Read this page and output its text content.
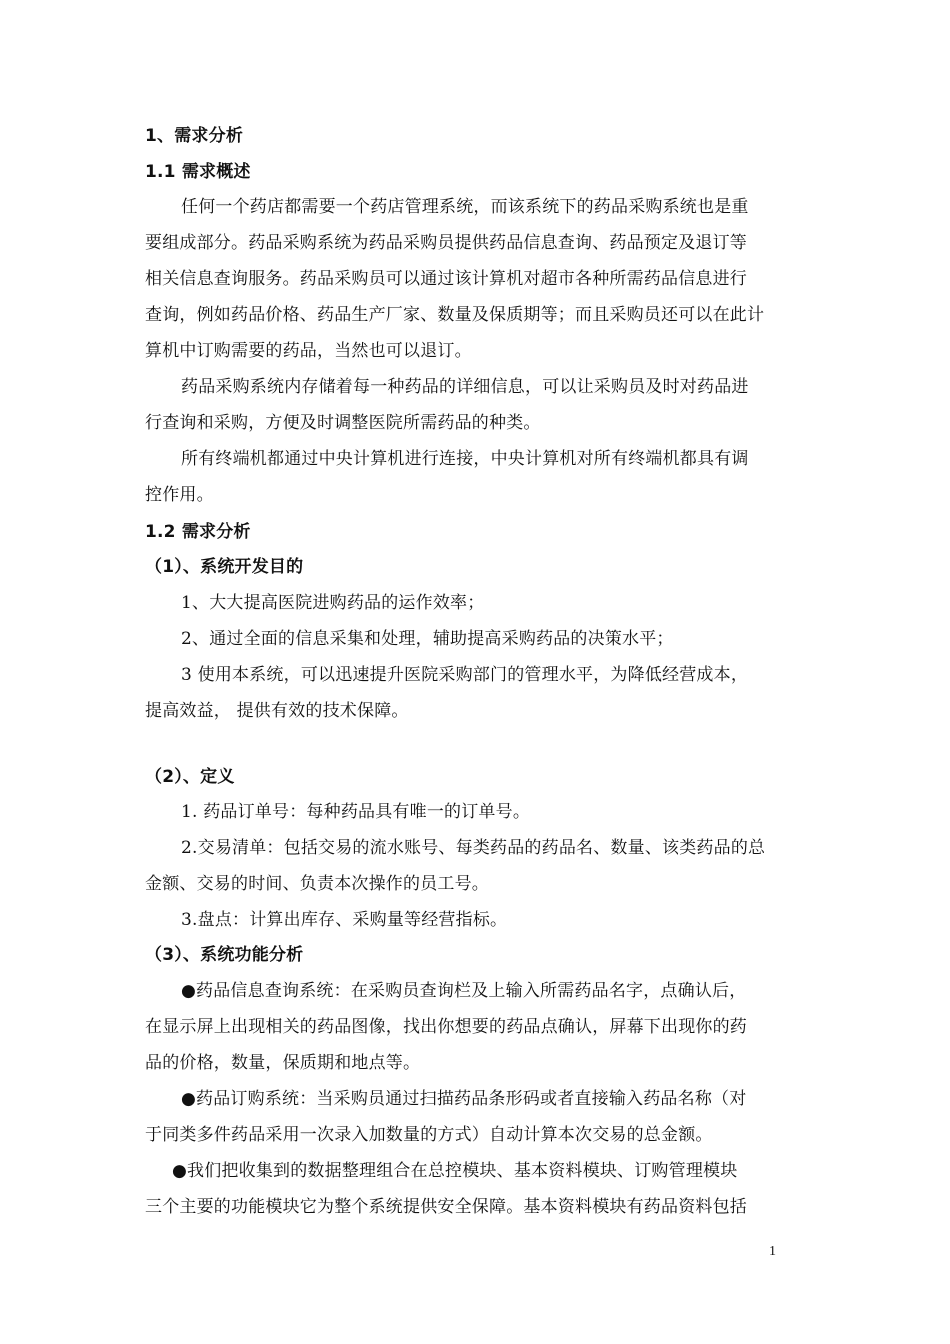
1、需求分析
1.1 需求概述
任何一个药店都需要一个药店管理系统，而该系统下的药品采购系统也是重
要组成部分。药品采购系统为药品采购员提供药品信息查询、药品预定及退订等
相关信息查询服务。药品采购员可以通过该计算机对超市各种所需药品信息进行
查询，例如药品价格、药品生产厂家、数量及保质期等；而且采购员还可以在此计
算机中订购需要的药品，当然也可以退订。
药品采购系统内存储着每一种药品的详细信息，可以让采购员及时对药品进
行查询和采购，方便及时调整医院所需药品的种类。
所有终端机都通过中央计算机进行连接，中央计算机对所有终端机都具有调
控作用。
1.2 需求分析
（1）、系统开发目的
1、大大提高医院进购药品的运作效率；
2、通过全面的信息采集和处理，辅助提高采购药品的决策水平；
3 使用本系统，可以迅速提升医院采购部门的管理水平，为降低经营成本，
提高效益， 提供有效的技术保障。
（2）、定义
1. 药品订单号：每种药品具有唯一的订单号。
2.交易清单：包括交易的流水账号、每类药品的药品名、数量、该类药品的总
金额、交易的时间、负责本次操作的员工号。
3.盘点：计算出库存、采购量等经营指标。
（3）、系统功能分析
●药品信息查询系统：在采购员查询栏及上输入所需药品名字，点确认后，
在显示屏上出现相关的药品图像，找出你想要的药品点确认，屏幕下出现你的药
品的价格，数量，保质期和地点等。
●药品订购系统：当采购员通过扫描药品条形码或者直接输入药品名称（对
于同类多件药品采用一次录入加数量的方式）自动计算本次交易的总金额。
●我们把收集到的数据整理组合在总控模块、基本资料模块、订购管理模块
三个主要的功能模块它为整个系统提供安全保障。基本资料模块有药品资料包括
1
